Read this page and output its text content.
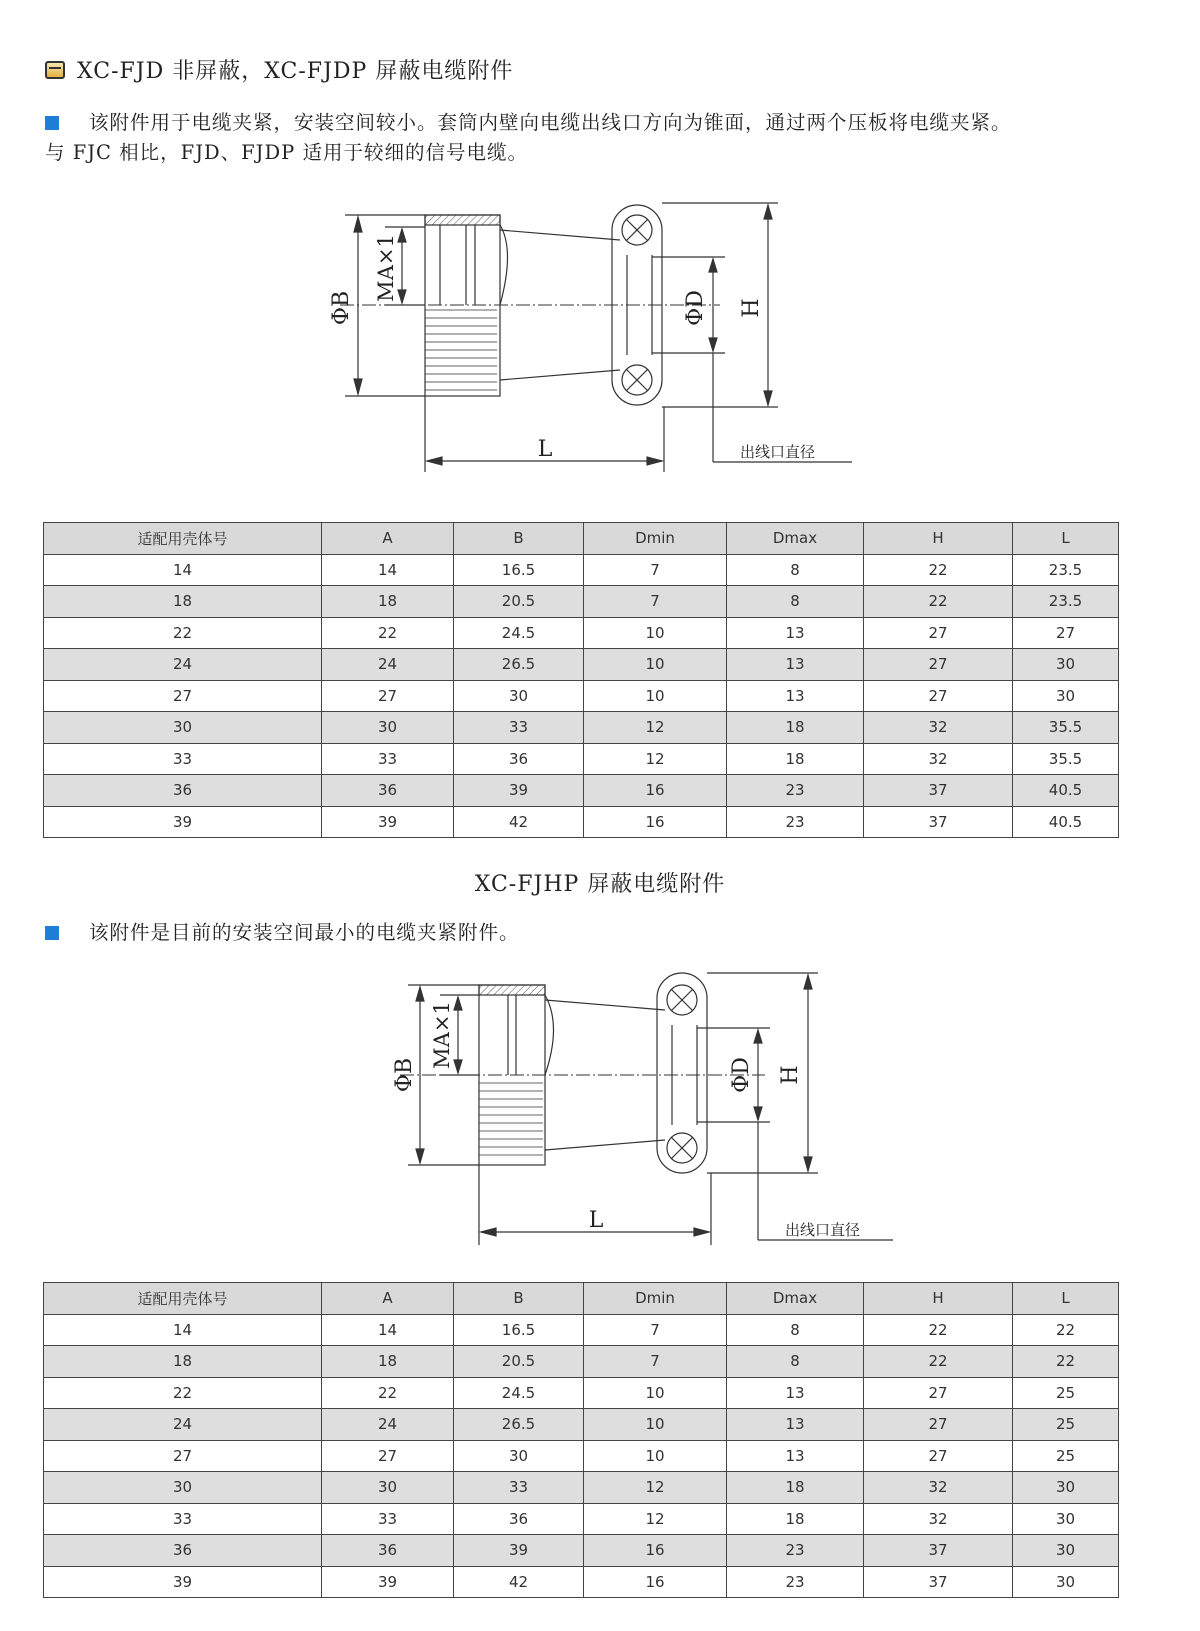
XC-FJD 非屏蔽，XC-FJDP 屏蔽电缆附件
该附件用于电缆夹紧，安装空间较小。套筒内壁向电缆出线口方向为锥面，通过两个压板将电缆夹紧。
与 FJC 相比，FJD、FJDP 适用于较细的信号电缆。
ΦB
MA×1
ΦD H
L	出线口直径
适配用壳体号	A	B	Dmin	Dmax	H	L
14	14	16.5	7	8	22	23.5
18	18	20.5	7	8	22	23.5
22	22	24.5	10	13	27	27
24	24	26.5	10	13	27	30
27	27	30	10	13	27	30
30	30	33	12	18	32	35.5
33	33	36	12	18	32	35.5
36	36	39	16	23	37	40.5
39	39	42	16	23	37	40.5
XC-FJHP 屏蔽电缆附件
该附件是目前的安装空间最小的电缆夹紧附件。
ΦB
MA×1
ΦD H
L	出线口直径
适配用壳体号	A	B	Dmin	Dmax	H	L
14	14	16.5	7	8	22	22
18	18	20.5	7	8	22	22
22	22	24.5	10	13	27	25
24	24	26.5	10	13	27	25
27	27	30	10	13	27	25
30	30	33	12	18	32	30
33	33	36	12	18	32	30
36	36	39	16	23	37	30
39	39	42	16	23	37	30
